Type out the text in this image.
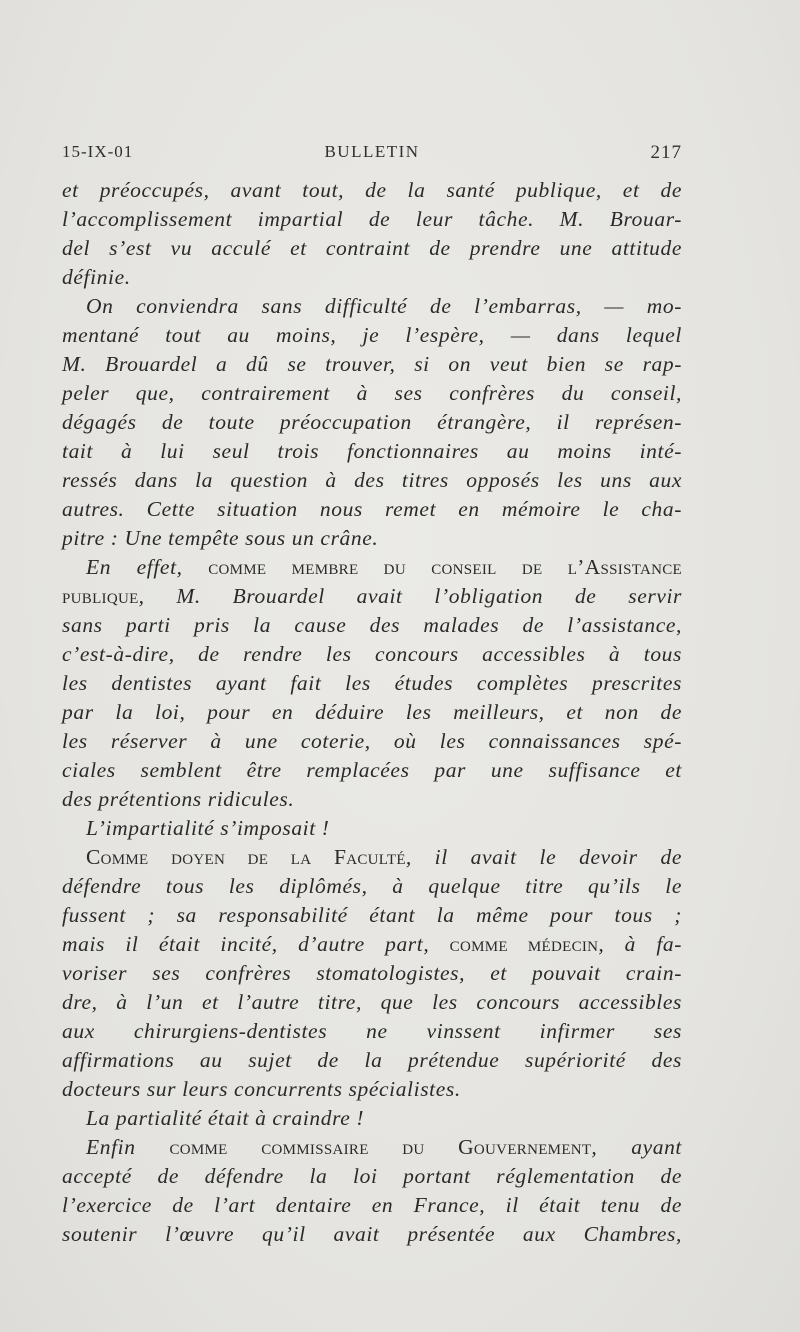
15-IX-01	BULLETIN	217
et préoccupés, avant tout, de la santé publique, et de
l’accomplissement impartial de leur tâche. M. Brouar-
del s’est vu acculé et contraint de prendre une attitude
définie.
On conviendra sans difficulté de l’embarras, — mo-
mentané tout au moins, je l’espère, — dans lequel
M. Brouardel a dû se trouver, si on veut bien se rap-
peler que, contrairement à ses confrères du conseil,
dégagés de toute préoccupation étrangère, il représen-
tait à lui seul trois fonctionnaires au moins inté-
ressés dans la question à des titres opposés les uns aux
autres. Cette situation nous remet en mémoire le cha-
pitre : Une tempête sous un crâne.
En effet, comme membre du conseil de l’Assistance
publique, M. Brouardel avait l’obligation de servir
sans parti pris la cause des malades de l’assistance,
c’est-à-dire, de rendre les concours accessibles à tous
les dentistes ayant fait les études complètes prescrites
par la loi, pour en déduire les meilleurs, et non de
les réserver à une coterie, où les connaissances spé-
ciales semblent être remplacées par une suffisance et
des prétentions ridicules.
L’impartialité s’imposait !
Comme doyen de la Faculté, il avait le devoir de
défendre tous les diplômés, à quelque titre qu’ils le
fussent ; sa responsabilité étant la même pour tous ;
mais il était incité, d’autre part, comme médecin, à fa-
voriser ses confrères stomatologistes, et pouvait crain-
dre, à l’un et l’autre titre, que les concours accessibles
aux chirurgiens-dentistes ne vinssent infirmer ses
affirmations au sujet de la prétendue supériorité des
docteurs sur leurs concurrents spécialistes.
La partialité était à craindre !
Enfin comme commissaire du Gouvernement, ayant
accepté de défendre la loi portant réglementation de
l’exercice de l’art dentaire en France, il était tenu de
soutenir l’œuvre qu’il avait présentée aux Chambres,
